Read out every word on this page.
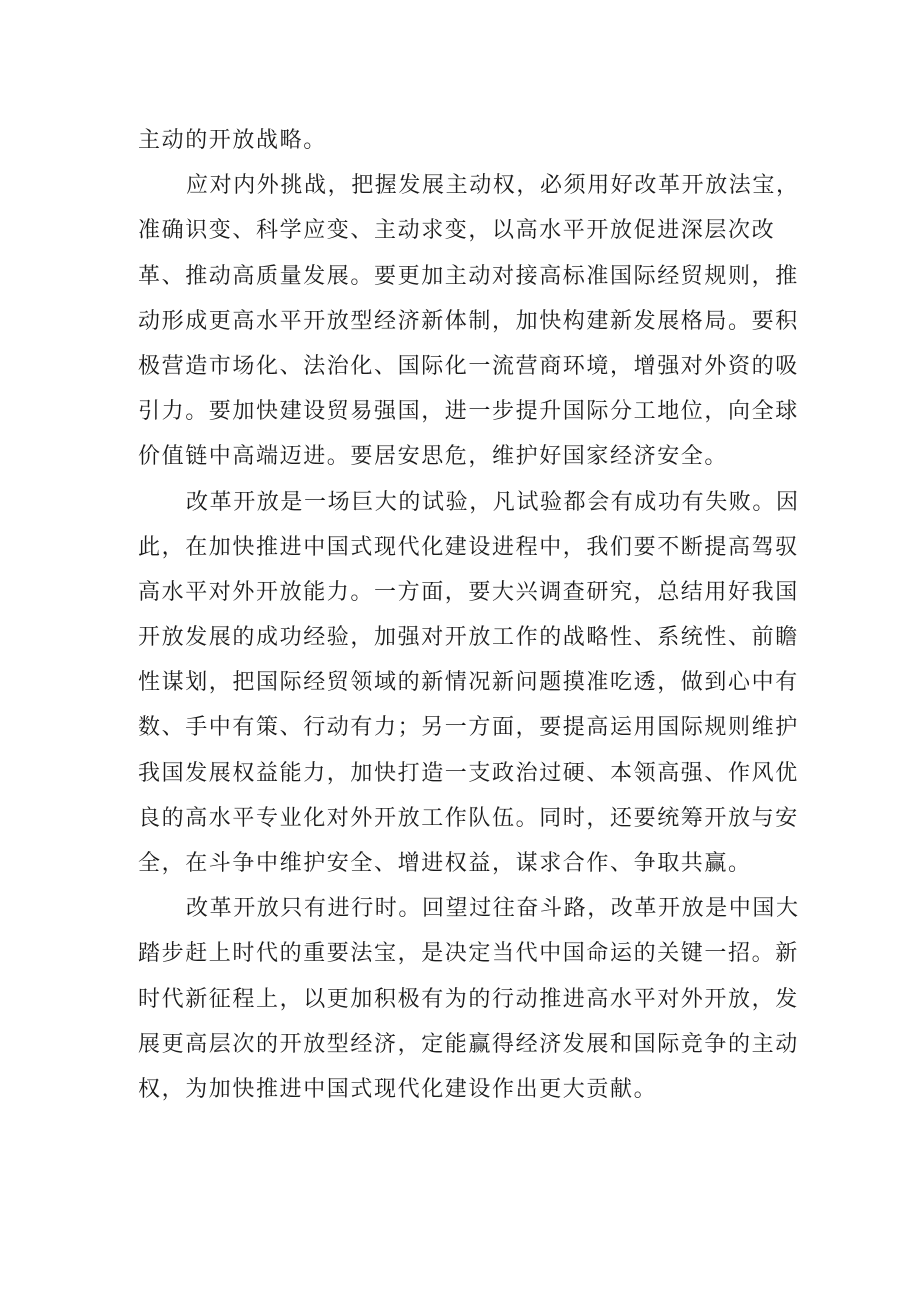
主动的开放战略。
应对内外挑战，把握发展主动权，必须用好改革开放法宝，
准确识变、科学应变、主动求变，以高水平开放促进深层次改
革、推动高质量发展。要更加主动对接高标准国际经贸规则，推
动形成更高水平开放型经济新体制，加快构建新发展格局。要积
极营造市场化、法治化、国际化一流营商环境，增强对外资的吸
引力。要加快建设贸易强国，进一步提升国际分工地位，向全球
价值链中高端迈进。要居安思危，维护好国家经济安全。
改革开放是一场巨大的试验，凡试验都会有成功有失败。因
此，在加快推进中国式现代化建设进程中，我们要不断提高驾驭
高水平对外开放能力。一方面，要大兴调查研究，总结用好我国
开放发展的成功经验，加强对开放工作的战略性、系统性、前瞻
性谋划，把国际经贸领域的新情况新问题摸准吃透，做到心中有
数、手中有策、行动有力；另一方面，要提高运用国际规则维护
我国发展权益能力，加快打造一支政治过硬、本领高强、作风优
良的高水平专业化对外开放工作队伍。同时，还要统筹开放与安
全，在斗争中维护安全、增进权益，谋求合作、争取共赢。
改革开放只有进行时。回望过往奋斗路，改革开放是中国大
踏步赶上时代的重要法宝，是决定当代中国命运的关键一招。新
时代新征程上，以更加积极有为的行动推进高水平对外开放，发
展更高层次的开放型经济，定能赢得经济发展和国际竞争的主动
权，为加快推进中国式现代化建设作出更大贡献。
